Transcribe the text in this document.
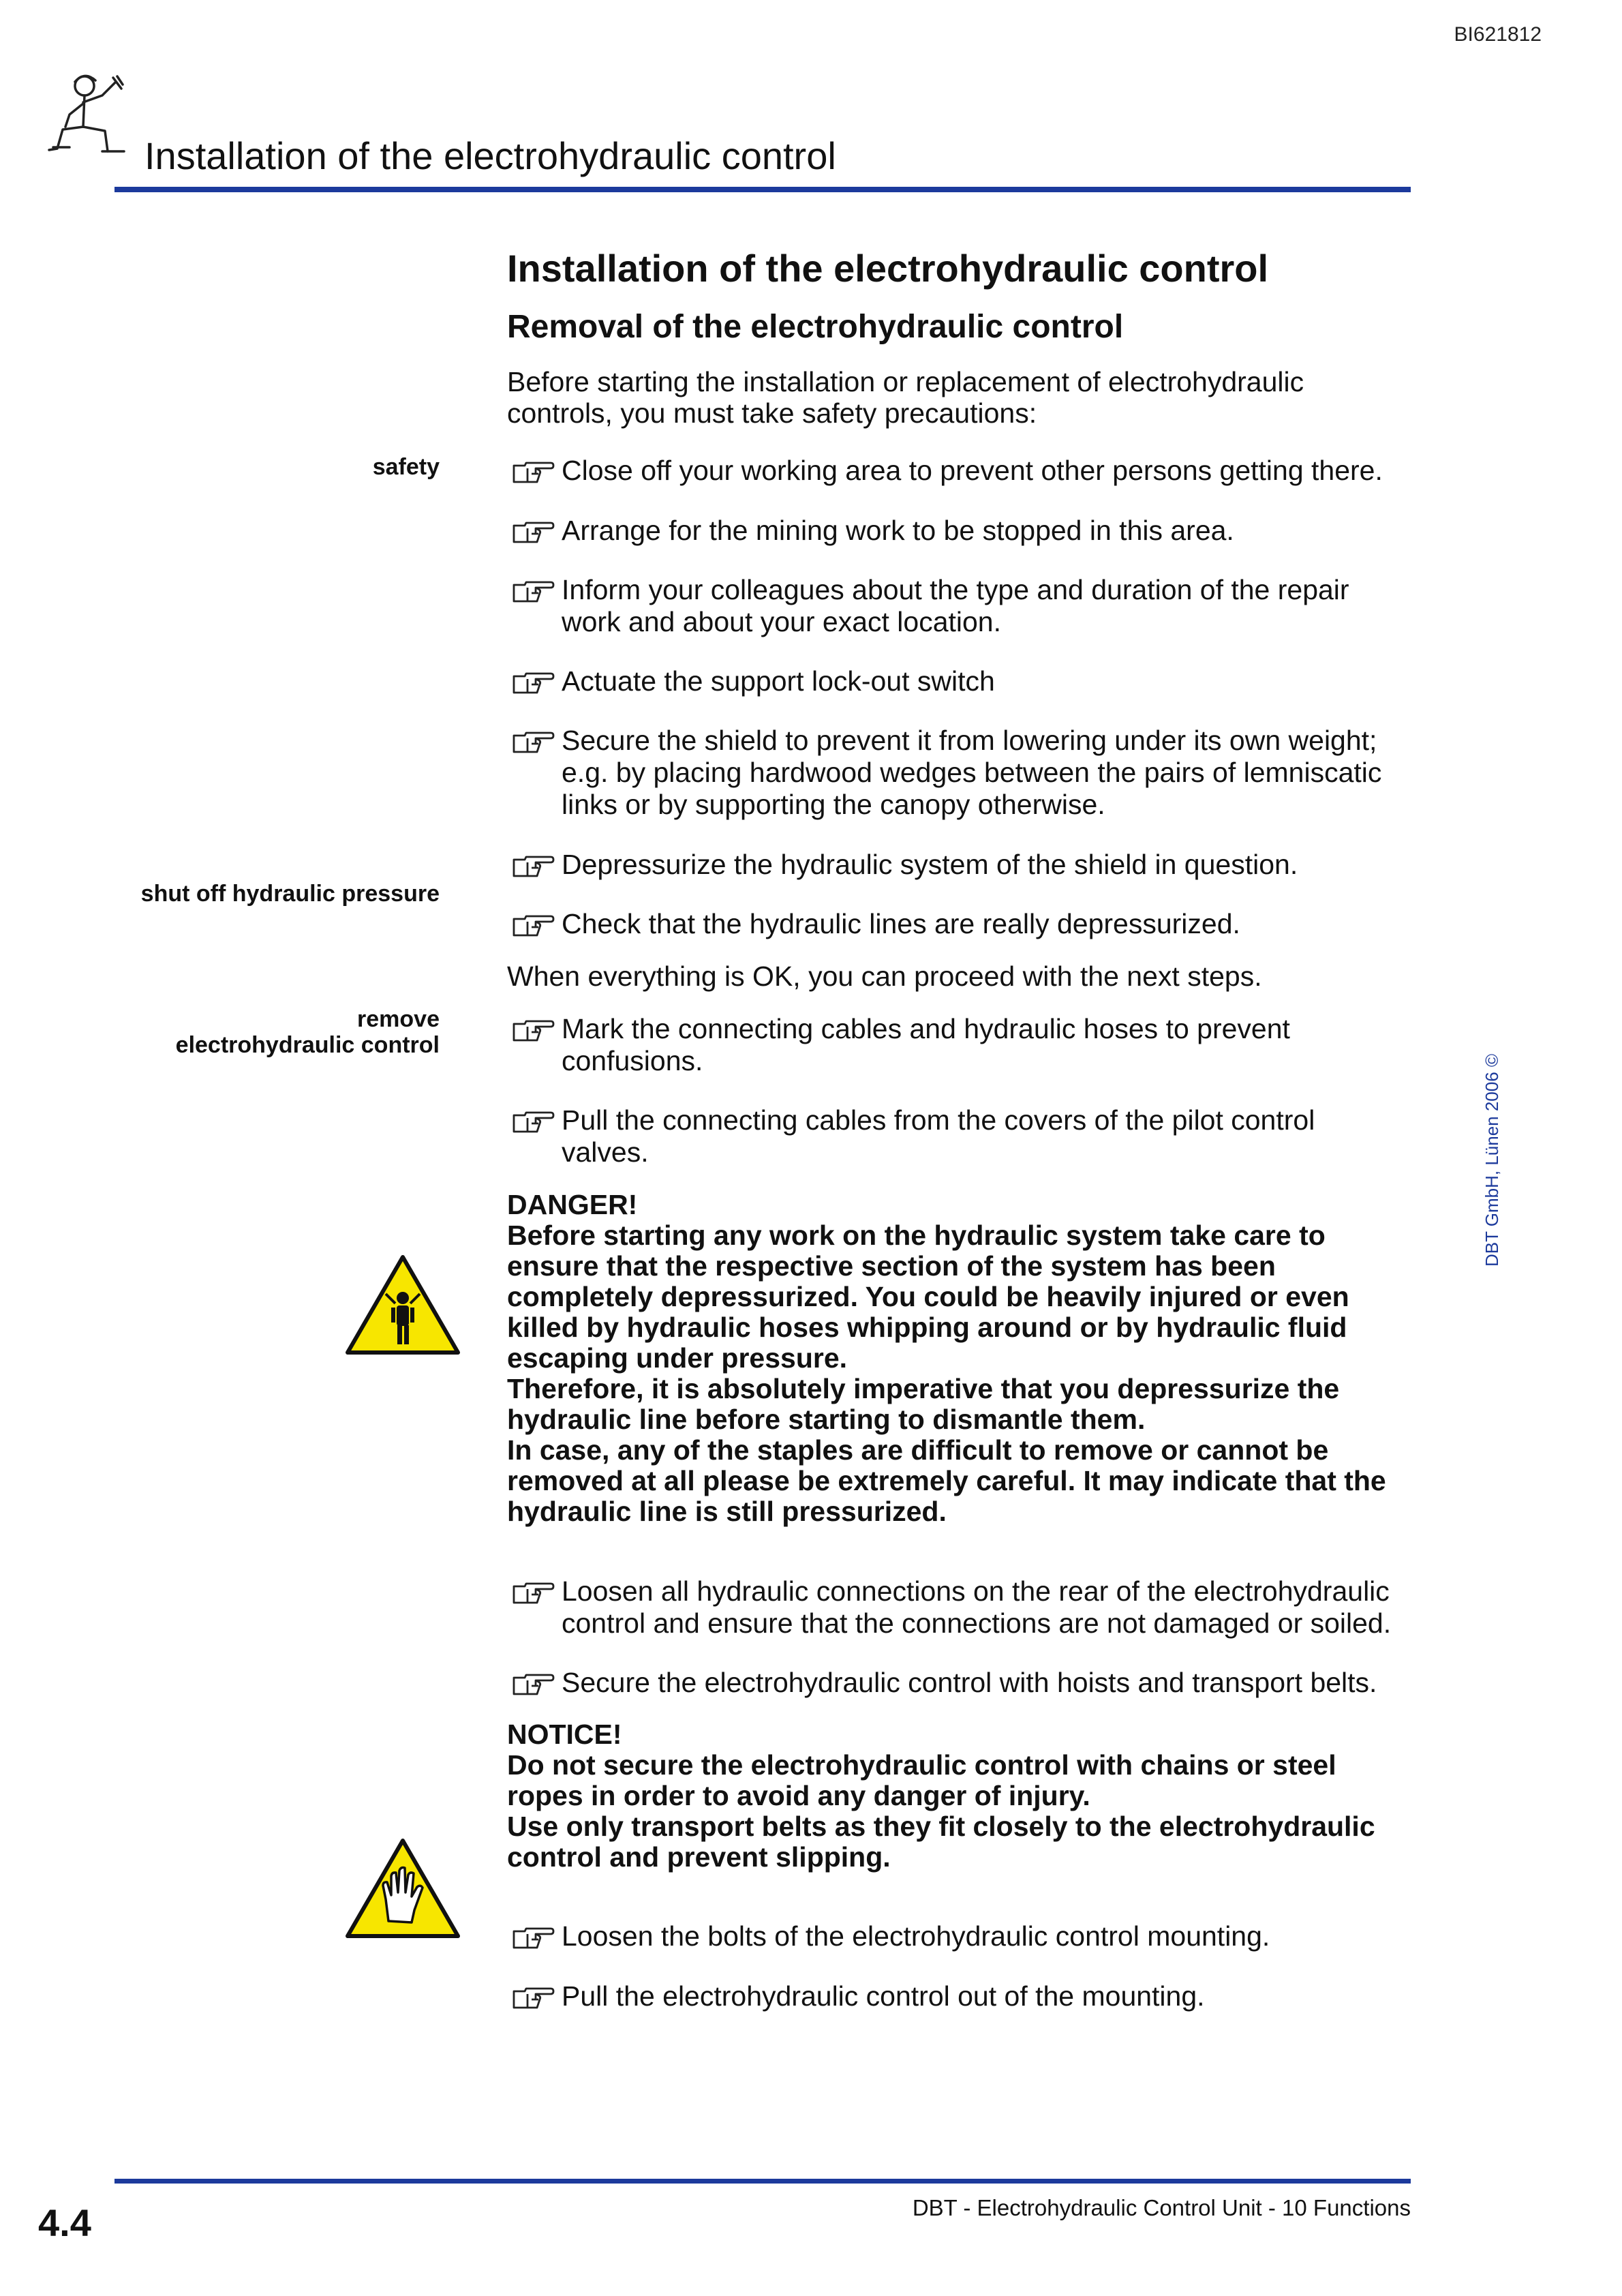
BI621812
Installation of the electrohydraulic control
safety
shut off hydraulic pressure
remove
electrohydraulic control
DBT GmbH, Lünen 2006 ©
Installation of the electrohydraulic control
Removal of the electrohydraulic control

Before starting the installation or replacement of electrohydraulic controls, you must take safety precautions:

Close off your working area to prevent other persons getting there.
Arrange for the mining work to be stopped in this area.
Inform your colleagues about the type and duration of the repair work and about your exact location.
Actuate the support lock-out switch
Secure the shield to prevent it from lowering under its own weight; e.g. by placing hardwood wedges between the pairs of lemniscatic links or by supporting the canopy otherwise.
Depressurize the hydraulic system of the shield in question.
Check that the hydraulic lines are really depressurized.

When everything is OK, you can proceed with the next steps.

Mark the connecting cables and hydraulic hoses to prevent confusions.
Pull the connecting cables from the covers of the pilot control valves.
DANGER!
Before starting any work on the hydraulic system take care to ensure that the respective section of the system has been completely depressurized. You could be heavily injured or even killed by hydraulic hoses whipping around or by hydraulic fluid escaping under pressure.
Therefore, it is absolutely imperative that you depressurize the hydraulic line before starting to dismantle them.
In case, any of the staples are difficult to remove or cannot be removed at all please be extremely careful. It may indicate that the hydraulic line is still pressurized.
Loosen all hydraulic connections on the rear of the electrohydraulic control and ensure that the connections are not damaged or soiled.
Secure the electrohydraulic control with hoists and transport belts.
NOTICE!
Do not secure the electrohydraulic control with chains or steel ropes in order to avoid any danger of injury.
Use only transport belts as they fit closely to the electrohydraulic control and prevent slipping.
Loosen the bolts of the electrohydraulic control mounting.
Pull the electrohydraulic control out of the mounting.
4.4	DBT - Electrohydraulic Control Unit - 10 Functions
